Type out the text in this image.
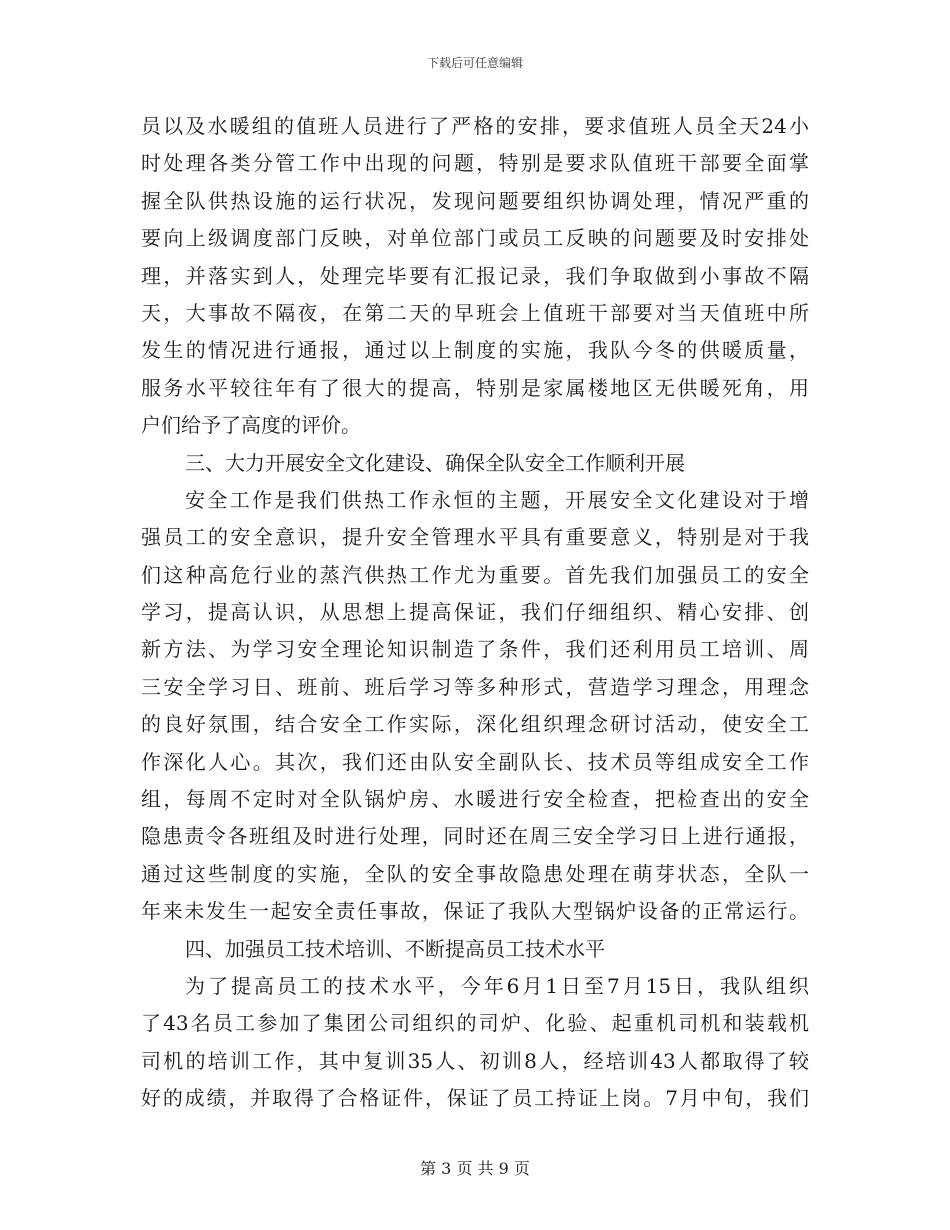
下载后可任意编辑
员以及水暖组的值班人员进行了严格的安排，要求值班人员全天24小
时处理各类分管工作中出现的问题，特别是要求队值班干部要全面掌
握全队供热设施的运行状况，发现问题要组织协调处理，情况严重的
要向上级调度部门反映，对单位部门或员工反映的问题要及时安排处
理，并落实到人，处理完毕要有汇报记录，我们争取做到小事故不隔
天，大事故不隔夜，在第二天的早班会上值班干部要对当天值班中所
发生的情况进行通报，通过以上制度的实施，我队今冬的供暖质量，
服务水平较往年有了很大的提高，特别是家属楼地区无供暖死角，用
户们给予了高度的评价。
三、大力开展安全文化建设、确保全队安全工作顺利开展
安全工作是我们供热工作永恒的主题，开展安全文化建设对于增
强员工的安全意识，提升安全管理水平具有重要意义，特别是对于我
们这种高危行业的蒸汽供热工作尤为重要。首先我们加强员工的安全
学习，提高认识，从思想上提高保证，我们仔细组织、精心安排、创
新方法、为学习安全理论知识制造了条件，我们还利用员工培训、周
三安全学习日、班前、班后学习等多种形式，营造学习理念，用理念
的良好氛围，结合安全工作实际，深化组织理念研讨活动，使安全工
作深化人心。其次，我们还由队安全副队长、技术员等组成安全工作
组，每周不定时对全队锅炉房、水暖进行安全检查，把检查出的安全
隐患责令各班组及时进行处理，同时还在周三安全学习日上进行通报，
通过这些制度的实施，全队的安全事故隐患处理在萌芽状态，全队一
年来未发生一起安全责任事故，保证了我队大型锅炉设备的正常运行。
四、加强员工技术培训、不断提高员工技术水平
为了提高员工的技术水平，今年6月1日至7月15日，我队组织
了43名员工参加了集团公司组织的司炉、化验、起重机司机和装载机
司机的培训工作，其中复训35人、初训8人，经培训43人都取得了较
好的成绩，并取得了合格证件，保证了员工持证上岗。7月中旬，我们
第 3 页 共 9 页
